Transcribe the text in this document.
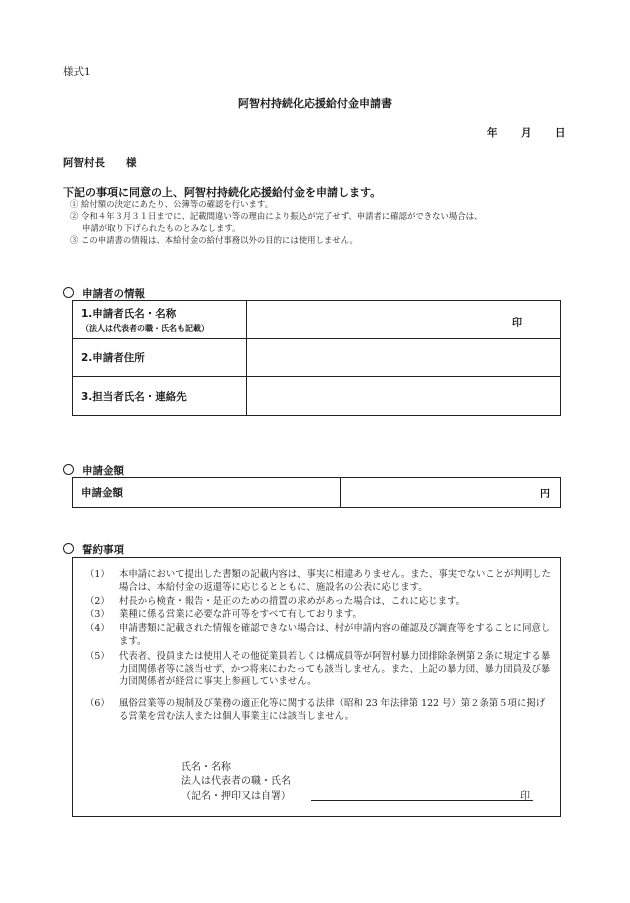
様式1
阿智村持続化応援給付金申請書
年 月 日
阿智村長　　様
下記の事項に同意の上、阿智村持続化応援給付金を申請します。
① 給付額の決定にあたり、公簿等の確認を行います。
② 令和４年３月３１日までに、記載間違い等の理由により振込が完了せず、申請者に確認ができない場合は、
申請が取り下げられたものとみなします。
③ この申請書の情報は、本給付金の給付事務以外の目的には使用しません。
申請者の情報
1.申請者氏名・名称
（法人は代表者の職・氏名も記載）	印

2.申請者住所	
3.担当者氏名・連絡先	
申請金額
申請金額	円
誓約事項
（1） 本申請において提出した書類の記載内容は、事実に相違ありません。また、事実でないことが判明した場合は、本給付金の返還等に応じるとともに、施設名の公表に応じます。
（2） 村長から検査・報告・是正のための措置の求めがあった場合は、これに応じます。
（3） 業種に係る営業に必要な許可等をすべて有しております。
（4） 申請書類に記載された情報を確認できない場合は、村が申請内容の確認及び調査等をすることに同意します。
（5） 代表者、役員または使用人その他従業員若しくは構成員等が阿智村暴力団排除条例第２条に規定する暴力団関係者等に該当せず、かつ将来にわたっても該当しません。また、上記の暴力団、暴力団員及び暴力団関係者が経営に事実上参画していません。
（6） 風俗営業等の規制及び業務の適正化等に関する法律（昭和 23 年法律第 122 号）第２条第５項に掲げる営業を営む法人または個人事業主には該当しません。
氏名・名称
法人は代表者の職・氏名
（記名・押印又は自署）	印
